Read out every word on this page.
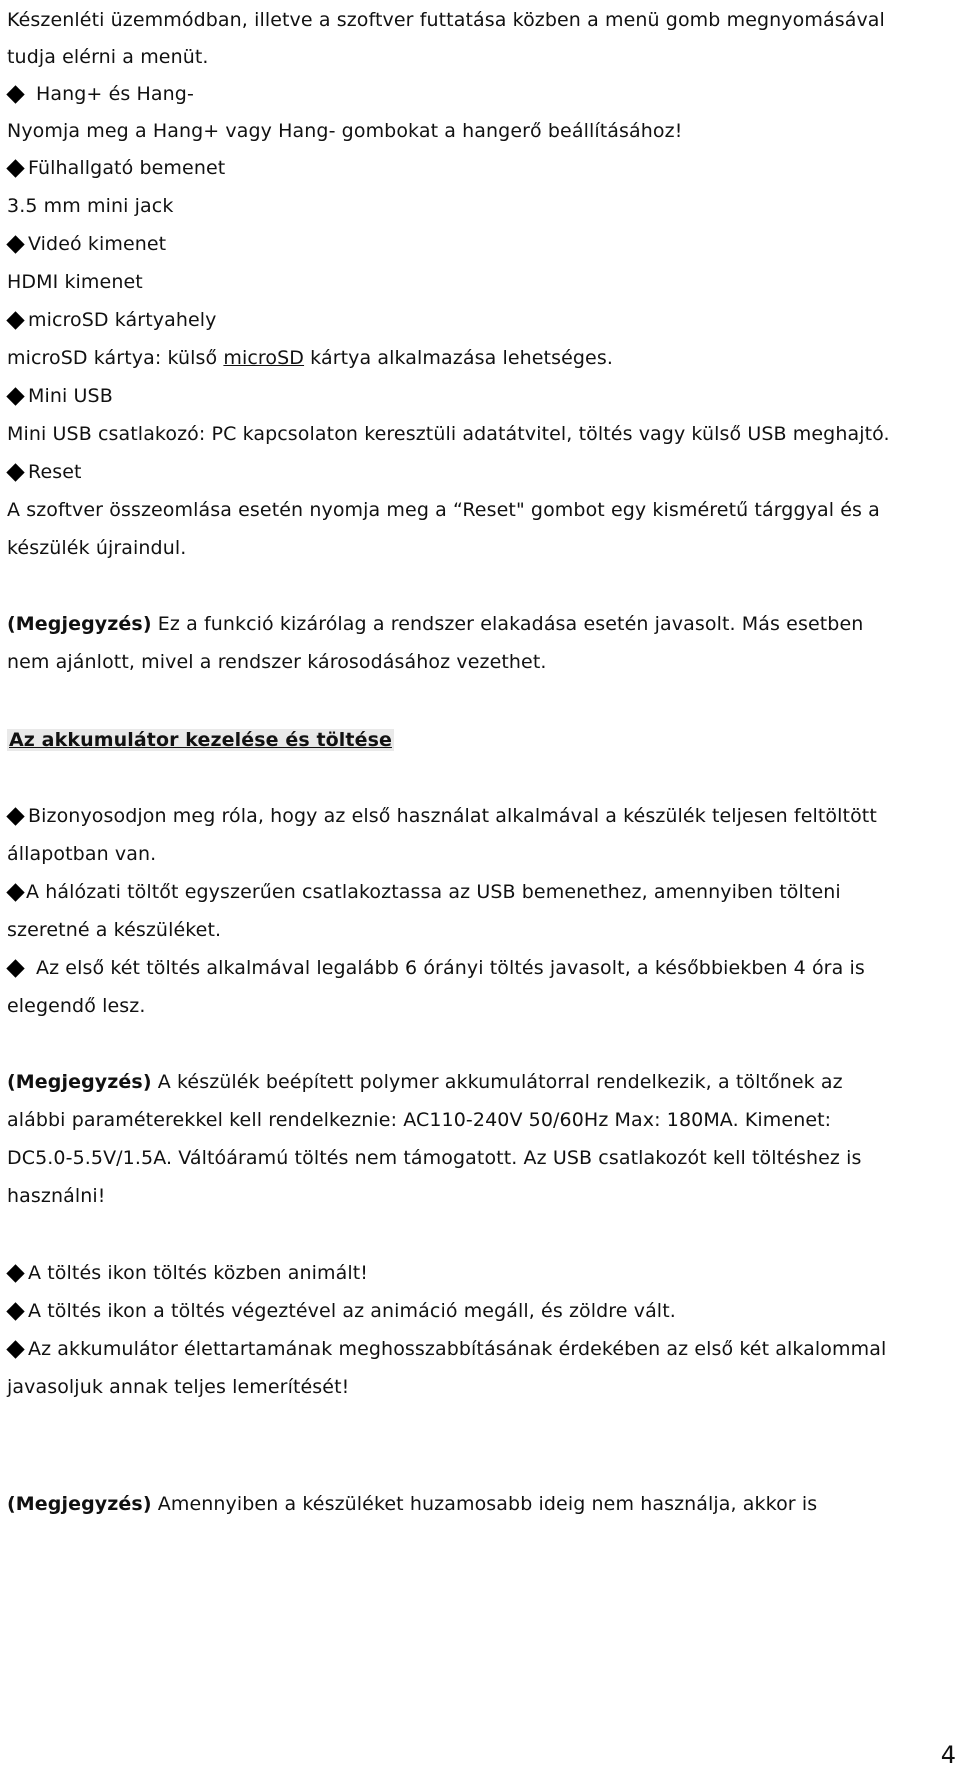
Készenléti üzemmódban, illetve a szoftver futtatása közben a menü gomb megnyomásával
tudja elérni a menüt.
Hang+ és Hang-
Nyomja meg a Hang+ vagy Hang- gombokat a hangerő beállításához!
Fülhallgató bemenet
3.5 mm mini jack
Videó kimenet
HDMI kimenet
microSD kártyahely
microSD kártya: külső microSD kártya alkalmazása lehetséges.
Mini USB
Mini USB csatlakozó: PC kapcsolaton keresztüli adatátvitel, töltés vagy külső USB meghajtó.
Reset
A szoftver összeomlása esetén nyomja meg a “Reset" gombot egy kisméretű tárggyal és a
készülék újraindul.
(Megjegyzés) Ez a funkció kizárólag a rendszer elakadása esetén javasolt. Más esetben
nem ajánlott, mivel a rendszer károsodásához vezethet.
Az akkumulátor kezelése és töltése
Bizonyosodjon meg róla, hogy az első használat alkalmával a készülék teljesen feltöltött
állapotban van.
A hálózati töltőt egyszerűen csatlakoztassa az USB bemenethez, amennyiben tölteni
szeretné a készüléket.
Az első két töltés alkalmával legalább 6 órányi töltés javasolt, a későbbiekben 4 óra is
elegendő lesz.
(Megjegyzés) A készülék beépített polymer akkumulátorral rendelkezik, a töltőnek az
alábbi paraméterekkel kell rendelkeznie: AC110-240V 50/60Hz Max: 180MA. Kimenet:
DC5.0-5.5V/1.5A. Váltóáramú töltés nem támogatott. Az USB csatlakozót kell töltéshez is
használni!
A töltés ikon töltés közben animált!
A töltés ikon a töltés végeztével az animáció megáll, és zöldre vált.
Az akkumulátor élettartamának meghosszabbításának érdekében az első két alkalommal
javasoljuk annak teljes lemerítését!
(Megjegyzés) Amennyiben a készüléket huzamosabb ideig nem használja, akkor is
4
